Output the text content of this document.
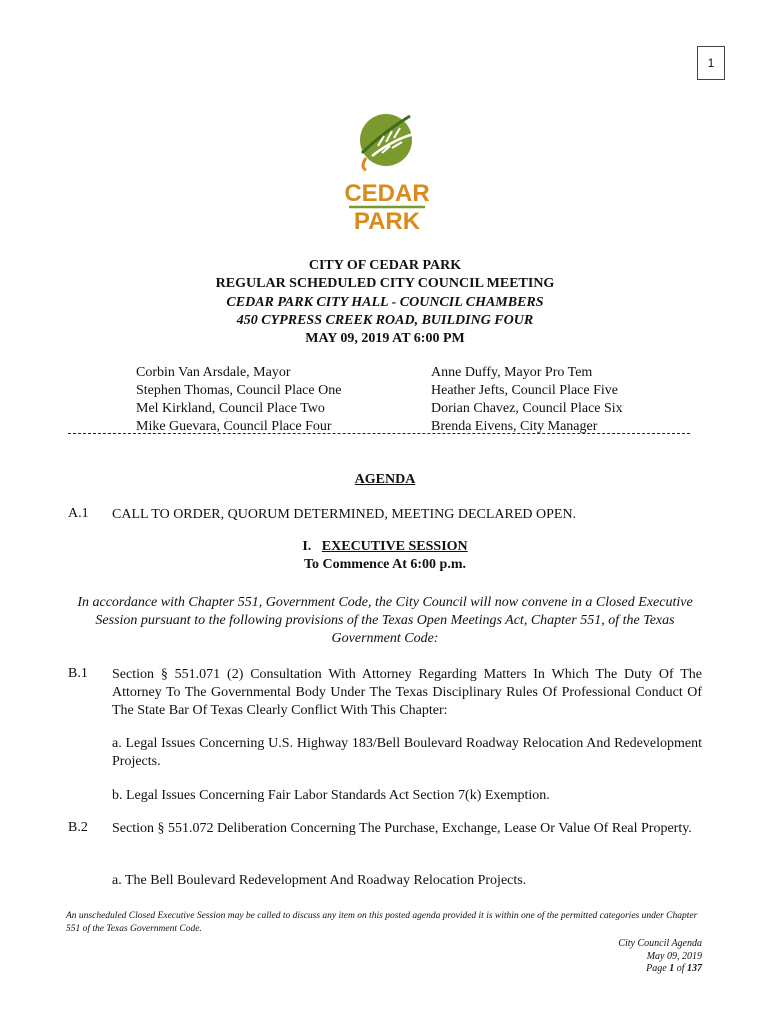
1
CEDAR
PARK
CITY OF CEDAR PARK
REGULAR SCHEDULED CITY COUNCIL MEETING
CEDAR PARK CITY HALL - COUNCIL CHAMBERS
450 CYPRESS CREEK ROAD, BUILDING FOUR
MAY 09, 2019 AT 6:00 PM
Corbin Van Arsdale, Mayor
Stephen Thomas, Council Place One
Mel Kirkland, Council Place Two
Mike Guevara, Council Place Four
Anne Duffy, Mayor Pro Tem
Heather Jefts, Council Place Five
Dorian Chavez, Council Place Six
Brenda Eivens, City Manager
AGENDA
A.1 CALL TO ORDER, QUORUM DETERMINED, MEETING DECLARED OPEN.
I. EXECUTIVE SESSION
To Commence At 6:00 p.m.
In accordance with Chapter 551, Government Code, the City Council will now convene in a Closed Executive Session pursuant to the following provisions of the Texas Open Meetings Act, Chapter 551, of the Texas Government Code:
B.1 Section § 551.071 (2) Consultation With Attorney Regarding Matters In Which The Duty Of The Attorney To The Governmental Body Under The Texas Disciplinary Rules Of Professional Conduct Of The State Bar Of Texas Clearly Conflict With This Chapter:
a. Legal Issues Concerning U.S. Highway 183/Bell Boulevard Roadway Relocation And Redevelopment Projects.
b. Legal Issues Concerning Fair Labor Standards Act Section 7(k) Exemption.
B.2 Section § 551.072 Deliberation Concerning The Purchase, Exchange, Lease Or Value Of Real Property.
a. The Bell Boulevard Redevelopment And Roadway Relocation Projects.
An unscheduled Closed Executive Session may be called to discuss any item on this posted agenda provided it is within one of the permitted categories under Chapter 551 of the Texas Government Code.
City Council Agenda
May 09, 2019
Page 1 of 137
